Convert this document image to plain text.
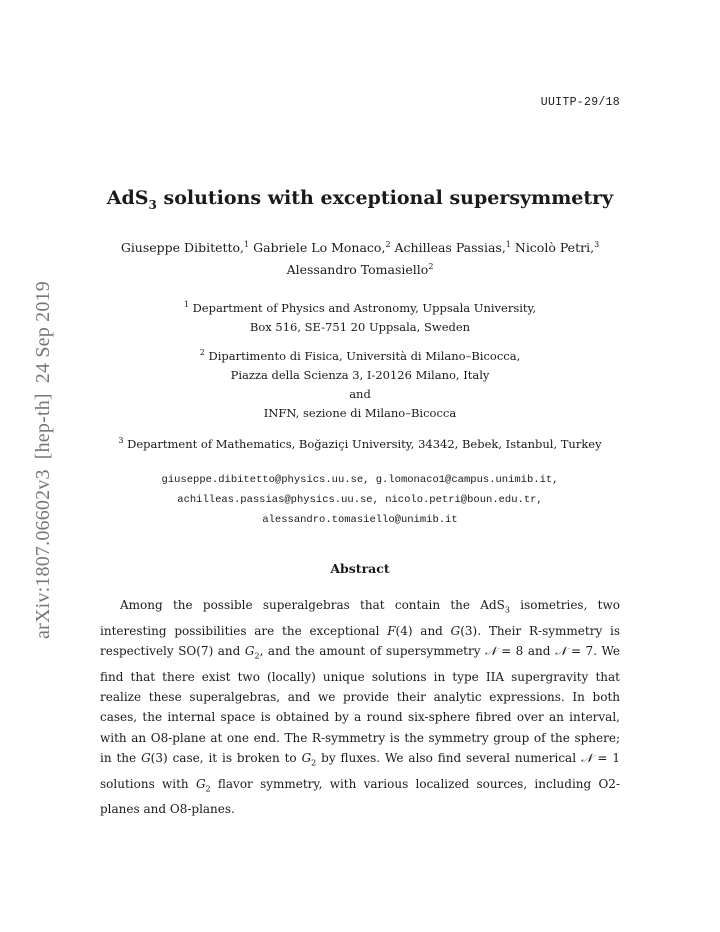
UUITP-29/18
arXiv:1807.06602v3[hep-th]24 Sep 2019
AdS$_3$ solutions with exceptional supersymmetry
Giuseppe Dibitetto,$^1$ Gabriele Lo Monaco,$^2$ Achilleas Passias,$^1$ Nicolò Petri,$^3$
Alessandro Tomasiello$^2$
$^1$ Department of Physics and Astronomy, Uppsala University,
Box 516, SE-751 20 Uppsala, Sweden
$^2$ Dipartimento di Fisica, Università di Milano–Bicocca,
Piazza della Scienza 3, I-20126 Milano, Italy
and
INFN, sezione di Milano–Bicocca
$^3$ Department of Mathematics, Boğaziçi University, 34342, Bebek, Istanbul, Turkey
giuseppe.dibitetto@physics.uu.se, g.lomonaco1@campus.unimib.it,
achilleas.passias@physics.uu.se, nicolo.petri@boun.edu.tr,
alessandro.tomasiello@unimib.it
Abstract
Among the possible superalgebras that contain the AdS$_3$ isometries, two interesting possibilities are the exceptional F(4) and G(3). Their R-symmetry is respectively SO(7) and $G_2$, and the amount of supersymmetry 𝒩 = 8 and 𝒩 = 7. We find that there exist two (locally) unique solutions in type IIA supergravity that realize these superalgebras, and we provide their analytic expressions. In both cases, the internal space is obtained by a round six-sphere fibred over an interval, with an O8-plane at one end. The R-symmetry is the symmetry group of the sphere; in the G(3) case, it is broken to $G_2$ by fluxes. We also find several numerical 𝒩 = 1 solutions with $G_2$ flavor symmetry, with various localized sources, including O2-planes and O8-planes.
